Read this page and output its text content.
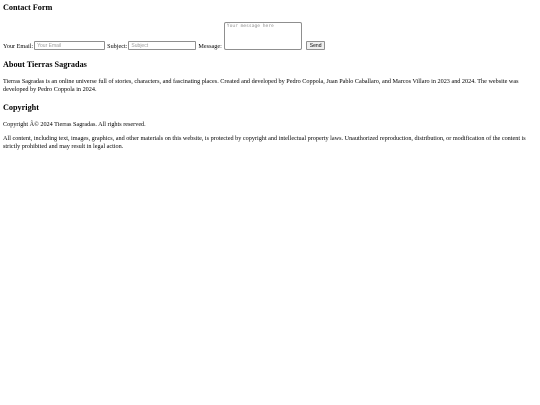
Contact Form
Your Email: Your Email	Subject: Subject	Message:
Your message here
Send
About Tierras Sagradas

Tierras Sagradas is an online universe full of stories, characters, and fascinating places. Created and developed by Pedro Coppola, Juan Pablo Caballaro, and Marcos Villaro in 2023 and 2024. The website was developed by Pedro Coppola in 2024.

Copyright

Copyright Â© 2024 Tierras Sagradas. All rights reserved.

All content, including text, images, graphics, and other materials on this website, is protected by copyright and intellectual property laws. Unauthorized reproduction, distribution, or modification of the content is strictly prohibited and may result in legal action.
